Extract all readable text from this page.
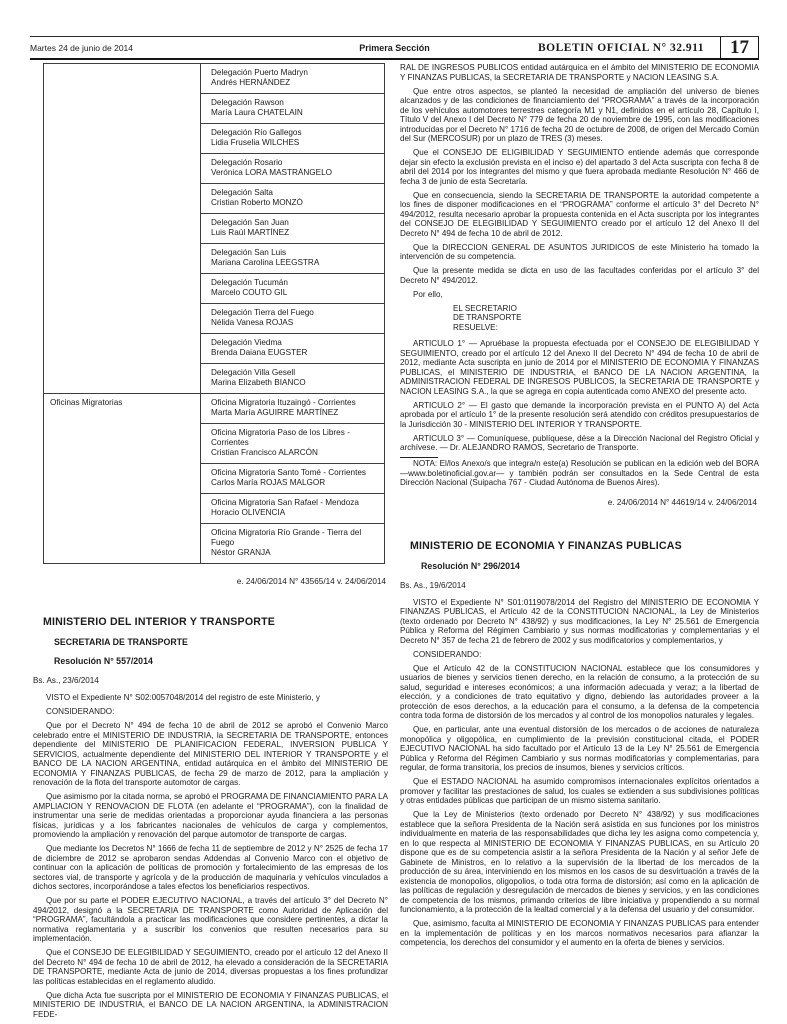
Martes 24 de junio de 2014	Primera Sección	BOLETIN OFICIAL N° 32.911	17

	Delegación Puerto Madryn
Andrés HERNÁNDEZ

	Delegación Rawson
María Laura CHATELAIN

	Delegación Río Gallegos
Lidia Fruselia WILCHES

	Delegación Rosario
Verónica LORA MASTRÁNGELO

	Delegación Salta
Cristian Roberto MONZÓ

	Delegación San Juan
Luis Raúl MARTÍNEZ

	Delegación San Luis
Mariana Carolina LEEGSTRA

	Delegación Tucumán
Marcelo COUTO GIL

	Delegación Tierra del Fuego
Nélida Vanesa ROJAS

	Delegación Viedma
Brenda Daiana EUGSTER

	Delegación Villa Gesell
Marina Elizabeth BIANCO

Oficinas Migratorias	Oficina Migratoria Ituzaingó - Corrientes
Marta María AGUIRRE MARTÍNEZ

	Oficina Migratoria Paso de los Libres - Corrientes
Cristian Francisco ALARCÓN

	Oficina Migratoria Santo Tomé - Corrientes
Carlos María ROJAS MALGOR

	Oficina Migratoria San Rafael - Mendoza
Horacio OLIVENCIA

	Oficina Migratoria Río Grande - Tierra del Fuego
Néstor GRANJA
e. 24/06/2014 N° 43565/14 v. 24/06/2014
MINISTERIO DEL INTERIOR Y TRANSPORTE
SECRETARIA DE TRANSPORTE
Resolución N° 557/2014
Bs. As., 23/6/2014

VISTO el Expediente N° S02:0057048/2014 del registro de este Ministerio, y

CONSIDERANDO:

Que por el Decreto N° 494 de fecha 10 de abril de 2012 se aprobó el Convenio Marco celebrado entre el MINISTERIO DE INDUSTRIA, la SECRETARIA DE TRANSPORTE, entonces dependiente del MINISTERIO DE PLANIFICACION FEDERAL, INVERSION PUBLICA Y SERVICIOS, actualmente dependiente del MINISTERIO DEL INTERIOR Y TRANSPORTE y el BANCO DE LA NACION ARGENTINA, entidad autárquica en el ámbito del MINISTERIO DE ECONOMIA Y FINANZAS PUBLICAS, de fecha 29 de marzo de 2012, para la ampliación y renovación de la flota del transporte automotor de cargas.

Que asimismo por la citada norma, se aprobó el PROGRAMA DE FINANCIAMIENTO PARA LA AMPLIACION Y RENOVACION DE FLOTA (en adelante el “PROGRAMA”), con la finalidad de instrumentar una serie de medidas orientadas a proporcionar ayuda financiera a las personas físicas, jurídicas y a los fabricantes nacionales de vehículos de carga y complementos, promoviendo la ampliación y renovación del parque automotor de transporte de cargas.

Que mediante los Decretos N° 1666 de fecha 11 de septiembre de 2012 y N° 2525 de fecha 17 de diciembre de 2012 se aprobaron sendas Addendas al Convenio Marco con el objetivo de continuar con la aplicación de políticas de promoción y fortalecimiento de las empresas de los sectores vial, de transporte y agrícola y de la producción de maquinaria y vehículos vinculados a dichos sectores, incorporándose a tales efectos los beneficiarios respectivos.

Que por su parte el PODER EJECUTIVO NACIONAL, a través del artículo 3° del Decreto N° 494/2012, designó a la SECRETARIA DE TRANSPORTE como Autoridad de Aplicación del “PROGRAMA”, facultándola a practicar las modificaciones que considere pertinentes, a dictar la normativa reglamentaria y a suscribir los convenios que resulten necesarios para su implementación.

Que el CONSEJO DE ELEGIBILIDAD Y SEGUIMIENTO, creado por el artículo 12 del Anexo II del Decreto N° 494 de fecha 10 de abril de 2012, ha elevado a consideración de la SECRETARIA DE TRANSPORTE, mediante Acta de junio de 2014, diversas propuestas a los fines profundizar las políticas establecidas en el reglamento aludido.

Que dicha Acta fue suscripta por el MINISTERIO DE ECONOMIA Y FINANZAS PUBLICAS, el MINISTERIO DE INDUSTRIA, el BANCO DE LA NACION ARGENTINA, la ADMINISTRACION FEDE-

RAL DE INGRESOS PUBLICOS entidad autárquica en el ámbito del MINISTERIO DE ECONOMIA Y FINANZAS PUBLICAS, la SECRETARIA DE TRANSPORTE y NACION LEASING S.A.

Que entre otros aspectos, se planteó la necesidad de ampliación del universo de bienes alcanzados y de las condiciones de financiamiento del “PROGRAMA” a través de la incorporación de los vehículos automotores terrestres categoría M1 y N1, definidos en el artículo 28, Capítulo I, Título V del Anexo I del Decreto N° 779 de fecha 20 de noviembre de 1995, con las modificaciones introducidas por el Decreto N° 1716 de fecha 20 de octubre de 2008, de origen del Mercado Común del Sur (MERCOSUR) por un plazo de TRES (3) meses.

Que el CONSEJO DE ELIGIBILIDAD Y SEGUIMIENTO entiende además que corresponde dejar sin efecto la exclusión prevista en el inciso e) del apartado 3 del Acta suscripta con fecha 8 de abril del 2014 por los integrantes del mismo y que fuera aprobada mediante Resolución N° 466 de fecha 3 de junio de esta Secretaría.

Que en consecuencia, siendo la SECRETARIA DE TRANSPORTE la autoridad competente a los fines de disponer modificaciones en el “PROGRAMA” conforme el artículo 3° del Decreto N° 494/2012, resulta necesario aprobar la propuesta contenida en el Acta suscripta por los integrantes del CONSEJO DE ELEGIBILIDAD Y SEGUIMIENTO creado por el artículo 12 del Anexo II del Decreto N° 494 de fecha 10 de abril de 2012.

Que la DIRECCION GENERAL DE ASUNTOS JURIDICOS de este Ministerio ha tomado la intervención de su competencia.

Que la presente medida se dicta en uso de las facultades conferidas por el artículo 3° del Decreto N° 494/2012.

Por ello,

EL SECRETARIO
DE TRANSPORTE
RESUELVE:

ARTICULO 1° — Apruébase la propuesta efectuada por el CONSEJO DE ELEGIBILIDAD Y SEGUIMIENTO, creado por el artículo 12 del Anexo II del Decreto N° 494 de fecha 10 de abril de 2012, mediante Acta suscripta en junio de 2014 por el MINISTERIO DE ECONOMIA Y FINANZAS PUBLICAS, el MINISTERIO DE INDUSTRIA, el BANCO DE LA NACION ARGENTINA, la ADMINISTRACION FEDERAL DE INGRESOS PUBLICOS, la SECRETARIA DE TRANSPORTE y NACION LEASING S.A., la que se agrega en copia autenticada como ANEXO del presente acto.

ARTICULO 2° — El gasto que demande la incorporación prevista en el PUNTO A) del Acta aprobada por el artículo 1° de la presente resolución será atendido con créditos presupuestarios de la Jurisdicción 30 - MINISTERIO DEL INTERIOR Y TRANSPORTE.

ARTICULO 3° — Comuníquese, publíquese, dése a la Dirección Nacional del Registro Oficial y archívese. — Dr. ALEJANDRO RAMOS, Secretario de Transporte.

NOTA: El/los Anexo/s que integra/n este(a) Resolución se publican en la edición web del BORA —www.boletinoficial.gov.ar— y también podrán ser consultados en la Sede Central de esta Dirección Nacional (Suipacha 767 - Ciudad Autónoma de Buenos Aires).

e. 24/06/2014 N° 44619/14 v. 24/06/2014
MINISTERIO DE ECONOMIA Y FINANZAS PUBLICAS
Resolución N° 296/2014
Bs. As., 19/6/2014

VISTO el Expediente N° S01:0119078/2014 del Registro del MINISTERIO DE ECONOMIA Y FINANZAS PUBLICAS, el Artículo 42 de la CONSTITUCION NACIONAL, la Ley de Ministerios (texto ordenado por Decreto N° 438/92) y sus modificaciones, la Ley N° 25.561 de Emergencia Pública y Reforma del Régimen Cambiario y sus normas modificatorias y complementarias y el Decreto N° 357 de fecha 21 de febrero de 2002 y sus modificatorios y complementarios, y

CONSIDERANDO:

Que el Artículo 42 de la CONSTITUCION NACIONAL establece que los consumidores y usuarios de bienes y servicios tienen derecho, en la relación de consumo, a la protección de su salud, seguridad e intereses económicos; a una información adecuada y veraz; a la libertad de elección, y a condiciones de trato equitativo y digno, debiendo las autoridades proveer a la protección de esos derechos, a la educación para el consumo, a la defensa de la competencia contra toda forma de distorsión de los mercados y al control de los monopolios naturales y legales.

Que, en particular, ante una eventual distorsión de los mercados o de acciones de naturaleza monopólica y oligopólica, en cumplimiento de la previsión constitucional citada, el PODER EJECUTIVO NACIONAL ha sido facultado por el Artículo 13 de la Ley N° 25.561 de Emergencia Pública y Reforma del Régimen Cambiario y sus normas modificatorias y complementarias, para regular, de forma transitoria, los precios de insumos, bienes y servicios críticos.

Que el ESTADO NACIONAL ha asumido compromisos internacionales explícitos orientados a promover y facilitar las prestaciones de salud, los cuales se extienden a sus subdivisiones políticas y otras entidades públicas que participan de un mismo sistema sanitario.

Que la Ley de Ministerios (texto ordenado por Decreto N° 438/92) y sus modificaciones establece que la señora Presidenta de la Nación será asistida en sus funciones por los ministros individualmente en materia de las responsabilidades que dicha ley les asigna como competencia y, en lo que respecta al MINISTERIO DE ECONOMIA Y FINANZAS PUBLICAS, en su Artículo 20 dispone que es de su competencia asistir a la señora Presidenta de la Nación y al señor Jefe de Gabinete de Ministros, en lo relativo a la supervisión de la libertad de los mercados de la producción de su área, interviniendo en los mismos en los casos de su desvirtuación a través de la existencia de monopolios, oligopolios, o toda otra forma de distorsión; así como en la aplicación de las políticas de regulación y desregulación de mercados de bienes y servicios, y en las condiciones de competencia de los mismos, primando criterios de libre iniciativa y propendiendo a su normal funcionamiento, a la protección de la lealtad comercial y a la defensa del usuario y del consumidor.

Que, asimismo, faculta al MINISTERIO DE ECONOMIA Y FINANZAS PUBLICAS para entender en la implementación de políticas y en los marcos normativos necesarios para afianzar la competencia, los derechos del consumidor y el aumento en la oferta de bienes y servicios.
